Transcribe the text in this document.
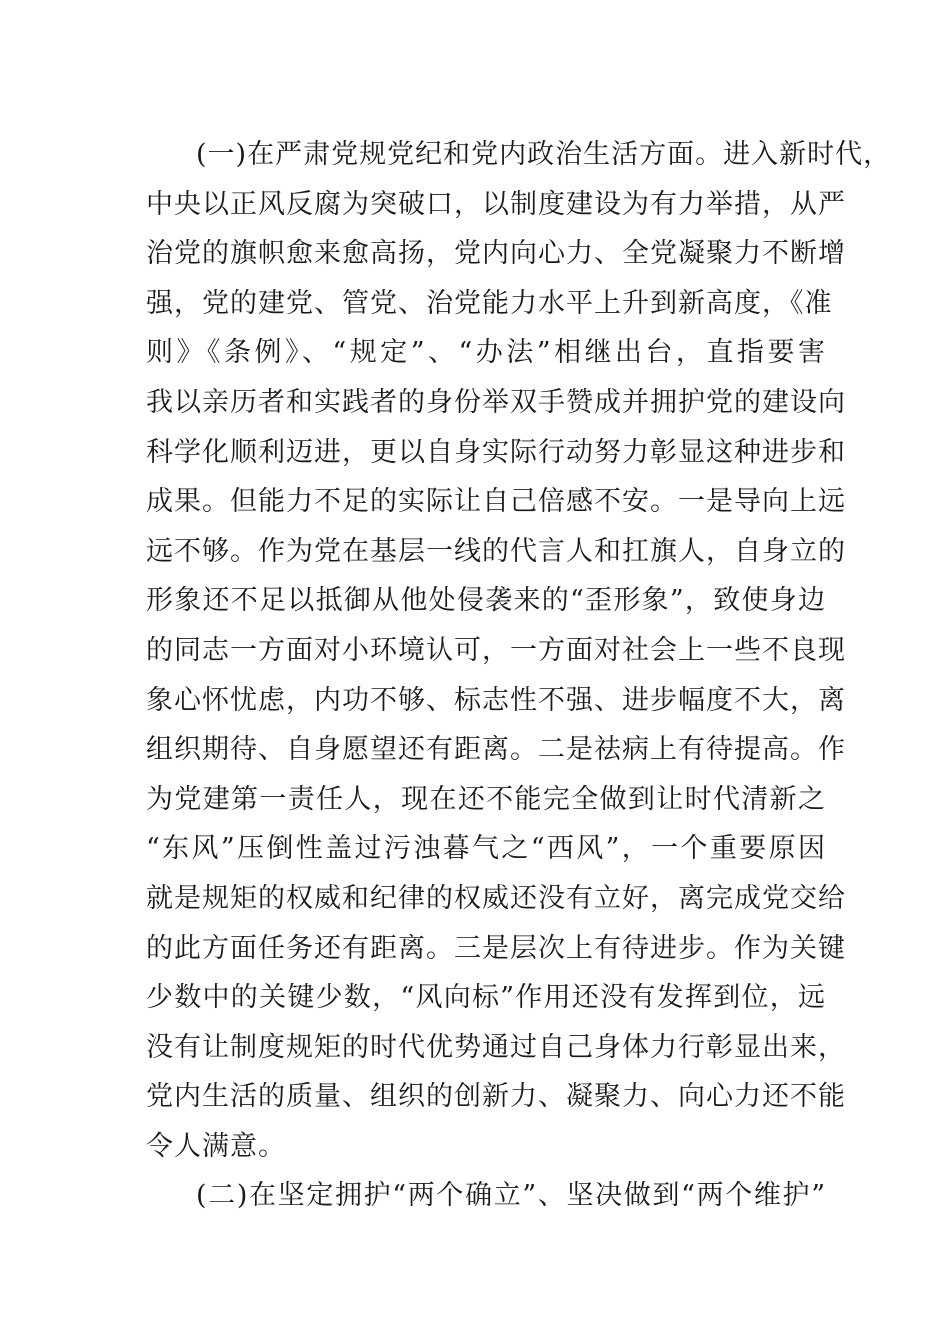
(一)在严肃党规党纪和党内政治生活方面。进入新时代，
中央以正风反腐为突破口，以制度建设为有力举措，从严
治党的旗帜愈来愈高扬，党内向心力、全党凝聚力不断增
强，党的建党、管党、治党能力水平上升到新高度，《准
则》《条例》、“规定”、“办法”相继出台，直指要害
我以亲历者和实践者的身份举双手赞成并拥护党的建设向
科学化顺利迈进，更以自身实际行动努力彰显这种进步和
成果。但能力不足的实际让自己倍感不安。一是导向上远
远不够。作为党在基层一线的代言人和扛旗人，自身立的
形象还不足以抵御从他处侵袭来的“歪形象”，致使身边
的同志一方面对小环境认可，一方面对社会上一些不良现
象心怀忧虑，内功不够、标志性不强、进步幅度不大，离
组织期待、自身愿望还有距离。二是祛病上有待提高。作
为党建第一责任人，现在还不能完全做到让时代清新之
“东风”压倒性盖过污浊暮气之“西风”，一个重要原因
就是规矩的权威和纪律的权威还没有立好，离完成党交给
的此方面任务还有距离。三是层次上有待进步。作为关键
少数中的关键少数，“风向标”作用还没有发挥到位，远
没有让制度规矩的时代优势通过自己身体力行彰显出来，
党内生活的质量、组织的创新力、凝聚力、向心力还不能
令人满意。
(二)在坚定拥护“两个确立”、坚决做到“两个维护”
